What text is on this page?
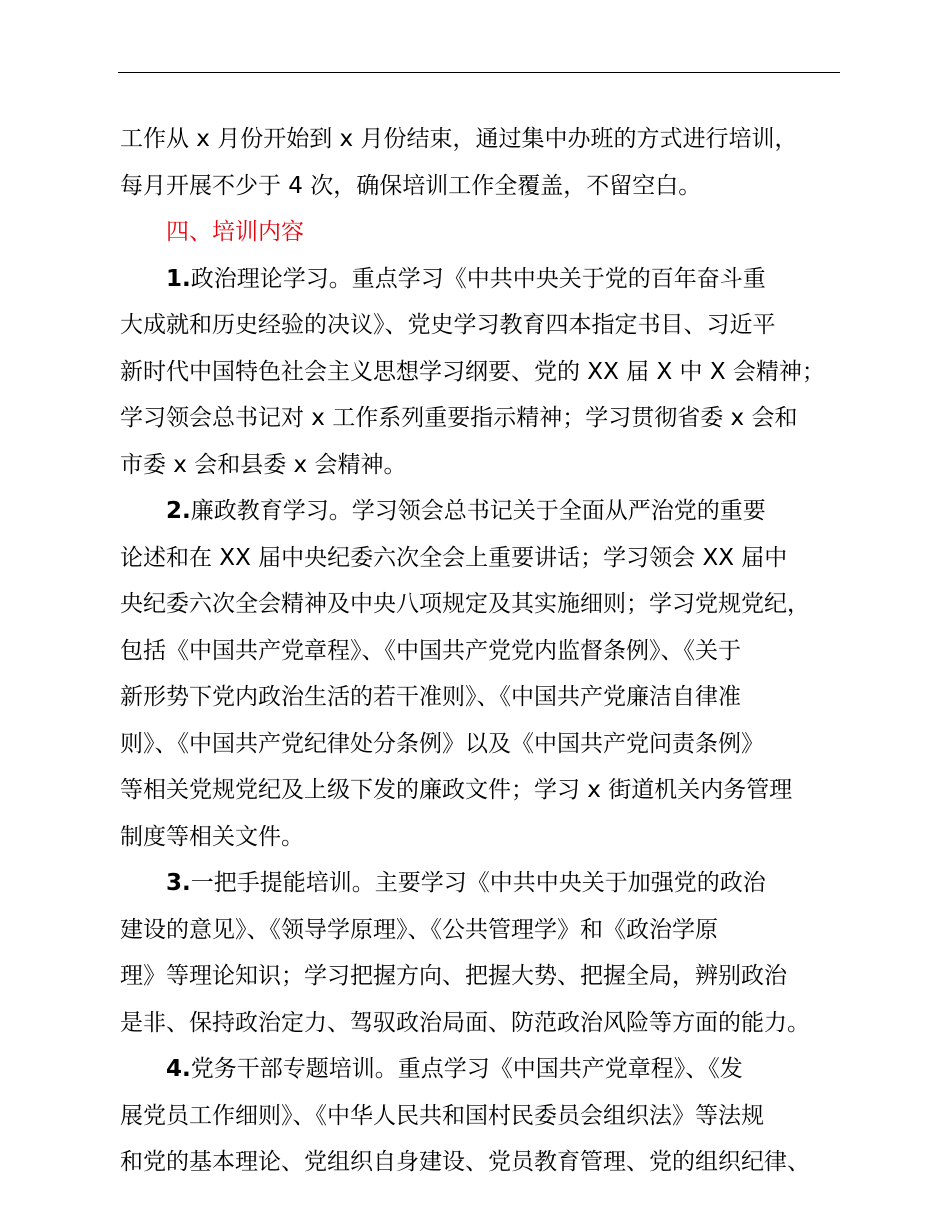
工作从 x 月份开始到 x 月份结束，通过集中办班的方式进行培训，
每月开展不少于 4 次，确保培训工作全覆盖，不留空白。
四、培训内容
1.政治理论学习。重点学习《中共中央关于党的百年奋斗重
大成就和历史经验的决议》、党史学习教育四本指定书目、习近平
新时代中国特色社会主义思想学习纲要、党的 XX 届 X 中 X 会精神；
学习领会总书记对 x 工作系列重要指示精神；学习贯彻省委 x 会和
市委 x 会和县委 x 会精神。
2.廉政教育学习。学习领会总书记关于全面从严治党的重要
论述和在 XX 届中央纪委六次全会上重要讲话；学习领会 XX 届中
央纪委六次全会精神及中央八项规定及其实施细则；学习党规党纪，
包括《中国共产党章程》、《中国共产党党内监督条例》、《关于
新形势下党内政治生活的若干准则》、《中国共产党廉洁自律准
则》、《中国共产党纪律处分条例》以及《中国共产党问责条例》
等相关党规党纪及上级下发的廉政文件；学习 x 街道机关内务管理
制度等相关文件。
3.一把手提能培训。主要学习《中共中央关于加强党的政治
建设的意见》、《领导学原理》、《公共管理学》和《政治学原
理》等理论知识；学习把握方向、把握大势、把握全局，辨别政治
是非、保持政治定力、驾驭政治局面、防范政治风险等方面的能力。
4.党务干部专题培训。重点学习《中国共产党章程》、《发
展党员工作细则》、《中华人民共和国村民委员会组织法》等法规
和党的基本理论、党组织自身建设、党员教育管理、党的组织纪律、
